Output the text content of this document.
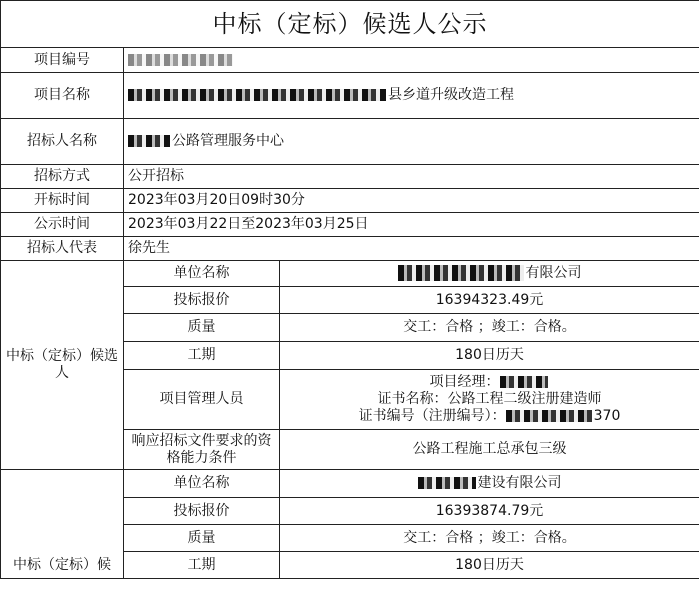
中标（定标）候选人公示		
项目编号		
项目名称	县乡道升级改造工程	
招标人名称	公路管理服务中心	
招标方式	公开招标	
开标时间	2023年03月20日09时30分	
公示时间	2023年03月22日至2023年03月25日	
招标人代表	徐先生	
中标（定标）候选人	单位名称	有限公司
	投标报价	16394323.49元
	质量	交工：合格 ；竣工：合格。
	工期	180日历天
	项目管理人员	项目经理：
证书名称：公路工程二级注册建造师
证书编号（注册编号）： 370

	响应招标文件要求的资格能力条件	公路工程施工总承包三级
中标（定标）候	单位名称	建设有限公司
	投标报价	16393874.79元
	质量	交工：合格 ；竣工：合格。
	工期	180日历天
